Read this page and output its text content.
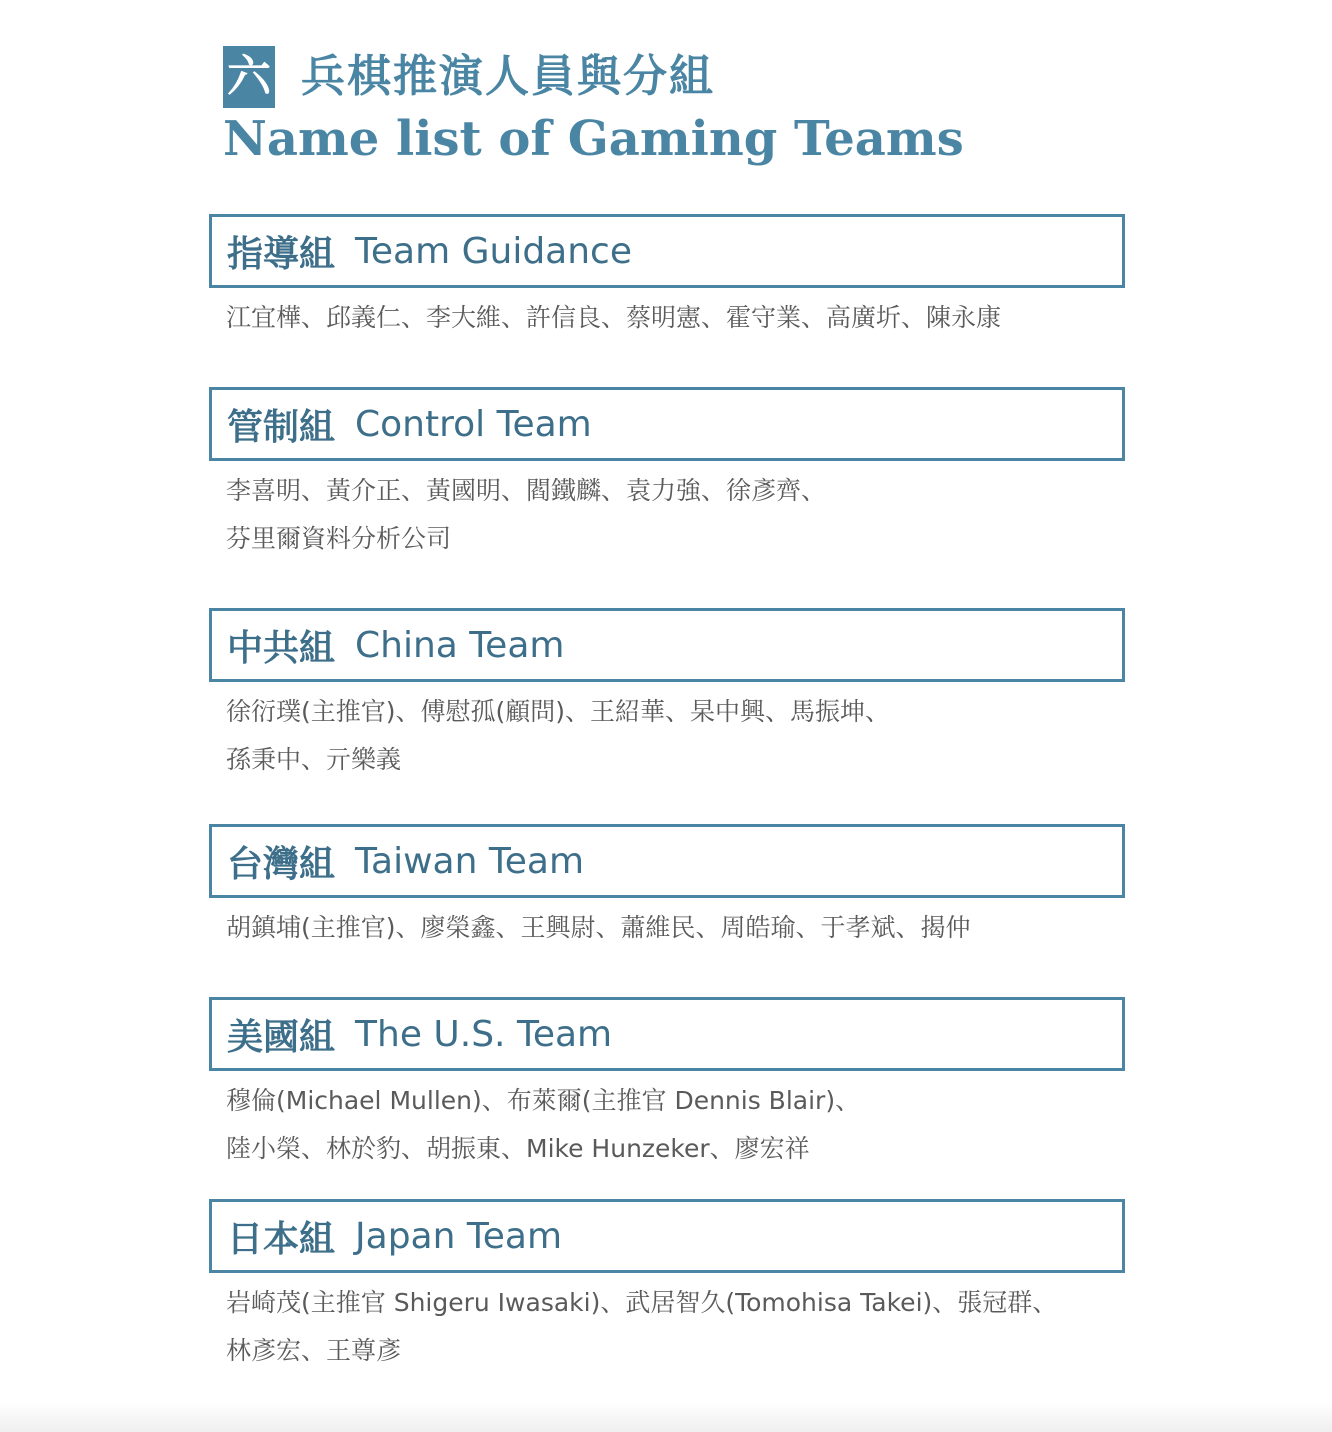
六 兵棋推演人員與分組
Name list of Gaming Teams
指導組 Team Guidance
江宜樺、邱義仁、李大維、許信良、蔡明憲、霍守業、高廣圻、陳永康
管制組 Control Team
李喜明、黃介正、黃國明、閻鐵麟、袁力強、徐彥齊、
芬里爾資料分析公司
中共組 China Team
徐衍璞(主推官)、傅慰孤(顧問)、王紹華、杲中興、馬振坤、
孫秉中、亓樂義
台灣組 Taiwan Team
胡鎮埔(主推官)、廖榮鑫、王興尉、蕭維民、周皓瑜、于孝斌、揭仲
美國組 The U.S. Team
穆倫(Michael Mullen)、布萊爾(主推官 Dennis Blair)、
陸小榮、林於豹、胡振東、Mike Hunzeker、廖宏祥
日本組 Japan Team
岩崎茂(主推官 Shigeru Iwasaki)、武居智久(Tomohisa Takei)、張冠群、
林彥宏、王尊彥
